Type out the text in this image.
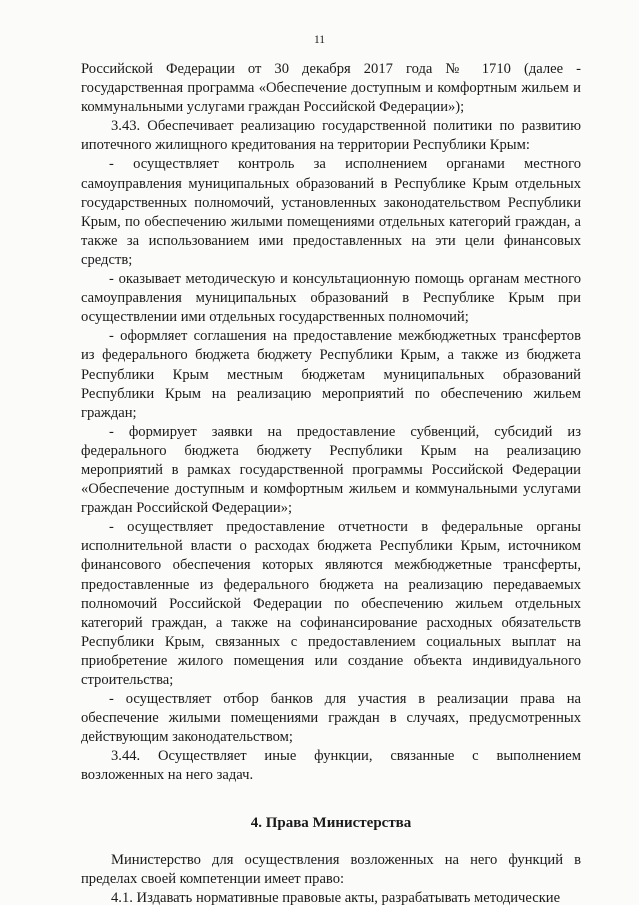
11

Российской Федерации от 30 декабря 2017 года № 1710 (далее - государственная программа «Обеспечение доступным и комфортным жильем и коммунальными услугами граждан Российской Федерации»);

3.43. Обеспечивает реализацию государственной политики по развитию ипотечного жилищного кредитования на территории Республики Крым:

- осуществляет контроль за исполнением органами местного самоуправления муниципальных образований в Республике Крым отдельных государственных полномочий, установленных законодательством Республики Крым, по обеспечению жилыми помещениями отдельных категорий граждан, а также за использованием ими предоставленных на эти цели финансовых средств;

- оказывает методическую и консультационную помощь органам местного самоуправления муниципальных образований в Республике Крым при осуществлении ими отдельных государственных полномочий;

- оформляет соглашения на предоставление межбюджетных трансфертов из федерального бюджета бюджету Республики Крым, а также из бюджета Республики Крым местным бюджетам муниципальных образований Республики Крым на реализацию мероприятий по обеспечению жильем граждан;

- формирует заявки на предоставление субвенций, субсидий из федерального бюджета бюджету Республики Крым на реализацию мероприятий в рамках государственной программы Российской Федерации «Обеспечение доступным и комфортным жильем и коммунальными услугами граждан Российской Федерации»;

- осуществляет предоставление отчетности в федеральные органы исполнительной власти о расходах бюджета Республики Крым, источником финансового обеспечения которых являются межбюджетные трансферты, предоставленные из федерального бюджета на реализацию передаваемых полномочий Российской Федерации по обеспечению жильем отдельных категорий граждан, а также на софинансирование расходных обязательств Республики Крым, связанных с предоставлением социальных выплат на приобретение жилого помещения или создание объекта индивидуального строительства;

- осуществляет отбор банков для участия в реализации права на обеспечение жилыми помещениями граждан в случаях, предусмотренных действующим законодательством;

3.44. Осуществляет иные функции, связанные с выполнением возложенных на него задач.

4. Права Министерства

Министерство для осуществления возложенных на него функций в пределах своей компетенции имеет право:

4.1. Издавать нормативные правовые акты, разрабатывать методические
